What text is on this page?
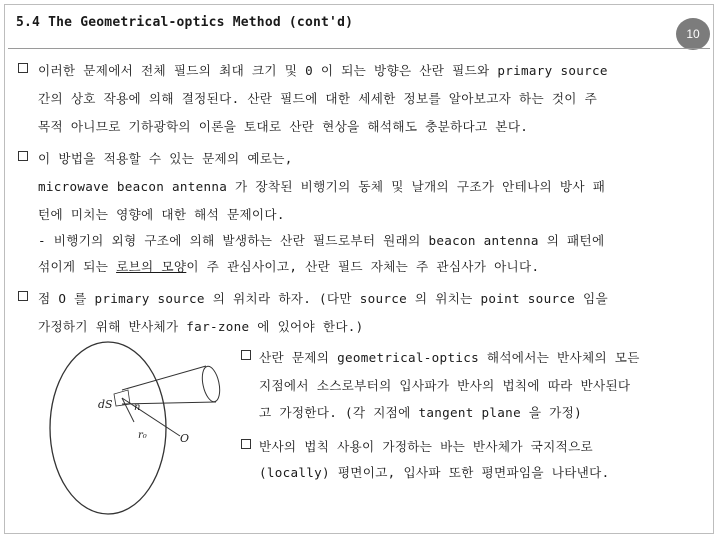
5.4 The Geometrical-optics Method (cont'd)
10
이러한 문제에서 전체 필드의 최대 크기 및 0 이 되는 방향은 산란 필드와 primary source
간의 상호 작용에 의해 결정된다. 산란 필드에 대한 세세한 정보를 알아보고자 하는 것이 주
목적 아니므로 기하광학의 이론을 토대로 산란 현상을 해석해도 충분하다고 본다.
이 방법을 적용할 수 있는 문제의 예로는,
microwave beacon antenna 가 장착된 비행기의 동체 및 날개의 구조가 안테나의 방사 패
턴에 미치는 영향에 대한 해석 문제이다.
- 비행기의 외형 구조에 의해 발생하는 산란 필드로부터 원래의 beacon antenna 의 패턴에
섞이게 되는 로브의 모양이 주 관심사이고, 산란 필드 자체는 주 관심사가 아니다.
점 O 를 primary source 의 위치라 하자. (다만 source 의 위치는 point source 임을
가정하기 위해 반사체가 far-zone 에 있어야 한다.)
산란 문제의 geometrical-optics 해석에서는 반사체의 모든
지점에서 소스로부터의 입사파가 반사의 법칙에 따라 반사된다
고 가정한다. (각 지점에 tangent plane 을 가정)
반사의 법칙 사용이 가정하는 바는 반사체가 국지적으로
(locally) 평면이고, 입사파 또한 평면파임을 나타낸다.
dS n
r₀	O
